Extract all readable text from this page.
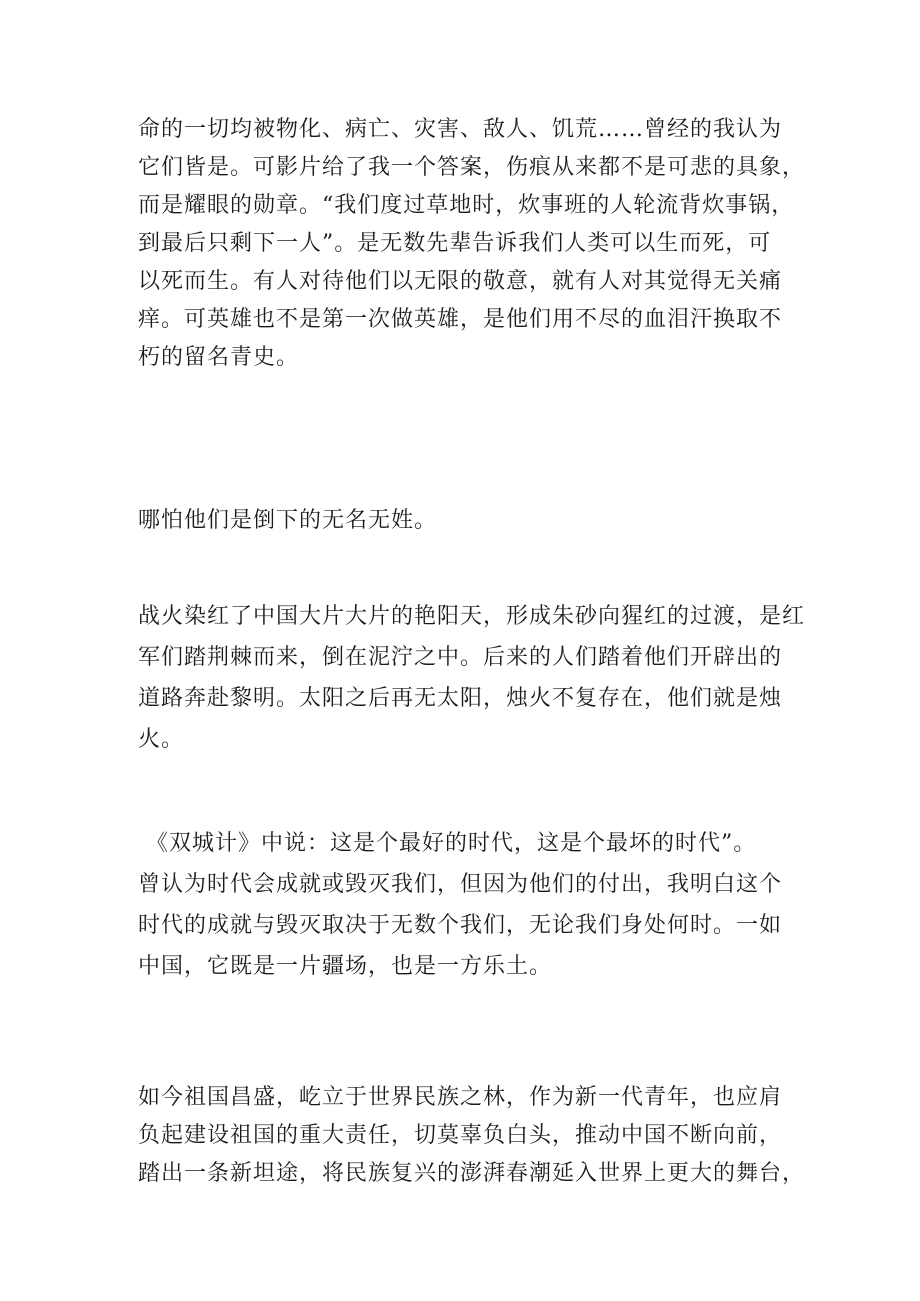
命的一切均被物化、病亡、灾害、敌人、饥荒……曾经的我认为
它们皆是。可影片给了我一个答案，伤痕从来都不是可悲的具象，
而是耀眼的勋章。“我们度过草地时，炊事班的人轮流背炊事锅，
到最后只剩下一人”。是无数先辈告诉我们人类可以生而死，可
以死而生。有人对待他们以无限的敬意，就有人对其觉得无关痛
痒。可英雄也不是第一次做英雄，是他们用不尽的血泪汗换取不
朽的留名青史。
哪怕他们是倒下的无名无姓。
战火染红了中国大片大片的艳阳天，形成朱砂向猩红的过渡，是红
军们踏荆棘而来，倒在泥泞之中。后来的人们踏着他们开辟出的
道路奔赴黎明。太阳之后再无太阳，烛火不复存在，他们就是烛
火。
《双城计》中说：这是个最好的时代，这是个最坏的时代”。
曾认为时代会成就或毁灭我们，但因为他们的付出，我明白这个
时代的成就与毁灭取决于无数个我们，无论我们身处何时。一如
中国，它既是一片疆场，也是一方乐土。
如今祖国昌盛，屹立于世界民族之林，作为新一代青年，也应肩
负起建设祖国的重大责任，切莫辜负白头，推动中国不断向前，
踏出一条新坦途，将民族复兴的澎湃春潮延入世界上更大的舞台，
